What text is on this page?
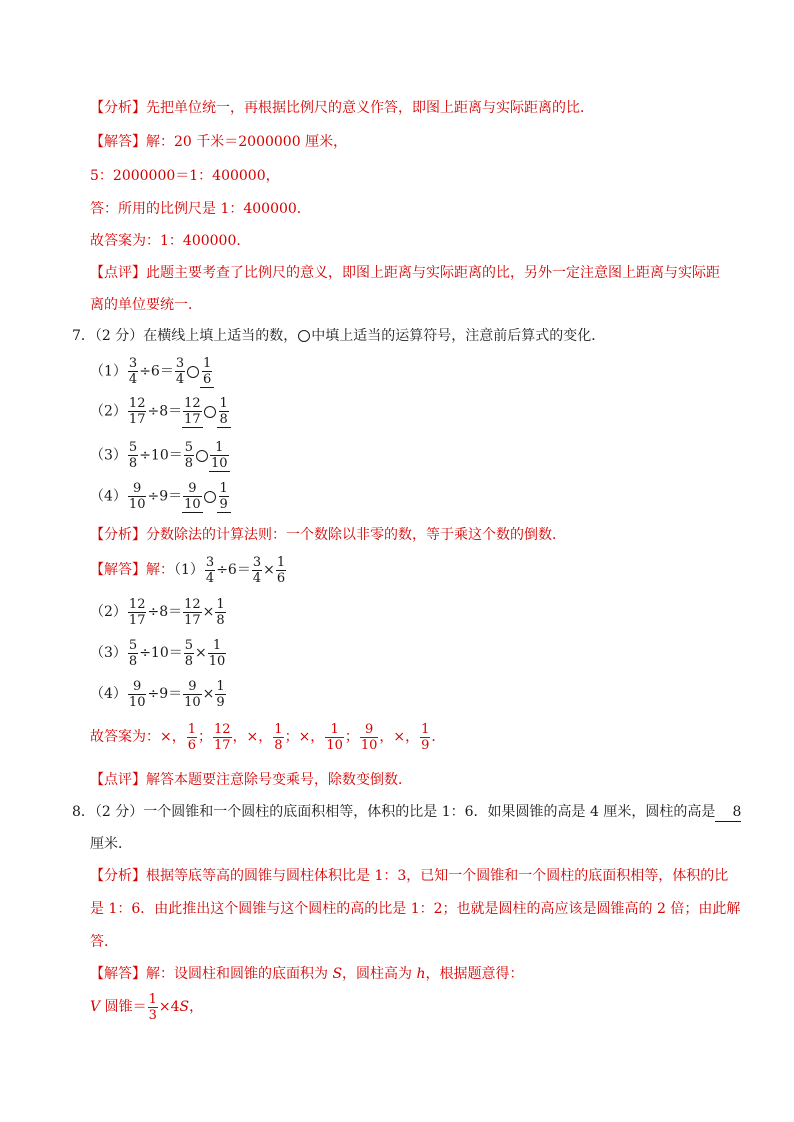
【分析】先把单位统一，再根据比例尺的意义作答，即图上距离与实际距离的比．
【解答】解：20 千米＝2000000 厘米，
5：2000000＝1：400000，
答：所用的比例尺是 1：400000．
故答案为：1：400000．
【点评】此题主要考查了比例尺的意义，即图上距离与实际距离的比，另外一定注意图上距离与实际距
离的单位要统一．
7．（2 分）在横线上填上适当的数， 中填上适当的运算符号，注意前后算式的变化．
$(1) \frac{3}{4} \div 6= \frac{3}{4} \frac{1}{6}$
$(2) \frac{12}{17} \div 8= \frac{12}{17} \frac{1}{8}$
$(3) \frac{5}{8} \div 10= \frac{5}{8} \frac{1}{10}$
$(4) \frac{9}{10} \div 9= \frac{9}{10} \frac{1}{9}$
【分析】分数除法的计算法则：一个数除以非零的数，等于乘这个数的倒数．
【解答】解：$(1) \frac{3}{4} \div 6= \frac{3}{4} \times \frac{1}{6}$
$(2) \frac{12}{17} \div 8= \frac{12}{17} \times \frac{1}{8}$
$(3) \frac{5}{8} \div 10= \frac{5}{8} \times \frac{1}{10}$
$(4) \frac{9}{10} \div 9= \frac{9}{10} \times \frac{1}{9}$
故答案为：×， $\frac{1}{6}$ ； $\frac{12}{17}$ ，×， $\frac{1}{8}$ ；×， $\frac{1}{10}$ ； $\frac{9}{10}$ ，×， $\frac{1}{9}$ ．
【点评】解答本题要注意除号变乘号，除数变倒数．
8．（2 分）一个圆锥和一个圆柱的底面积相等，体积的比是 1：6．如果圆锥的高是 4 厘米，圆柱的高是 8
厘米．
【分析】根据等底等高的圆锥与圆柱体积比是 1：3，已知一个圆锥和一个圆柱的底面积相等，体积的比
是 1：6．由此推出这个圆锥与这个圆柱的高的比是 1：2；也就是圆柱的高应该是圆锥高的 2 倍；由此解
答．
【解答】解：设圆柱和圆锥的底面积为 S，圆柱高为 h，根据题意得：
V 圆锥＝ $\frac{1}{3} \times 4S$，
